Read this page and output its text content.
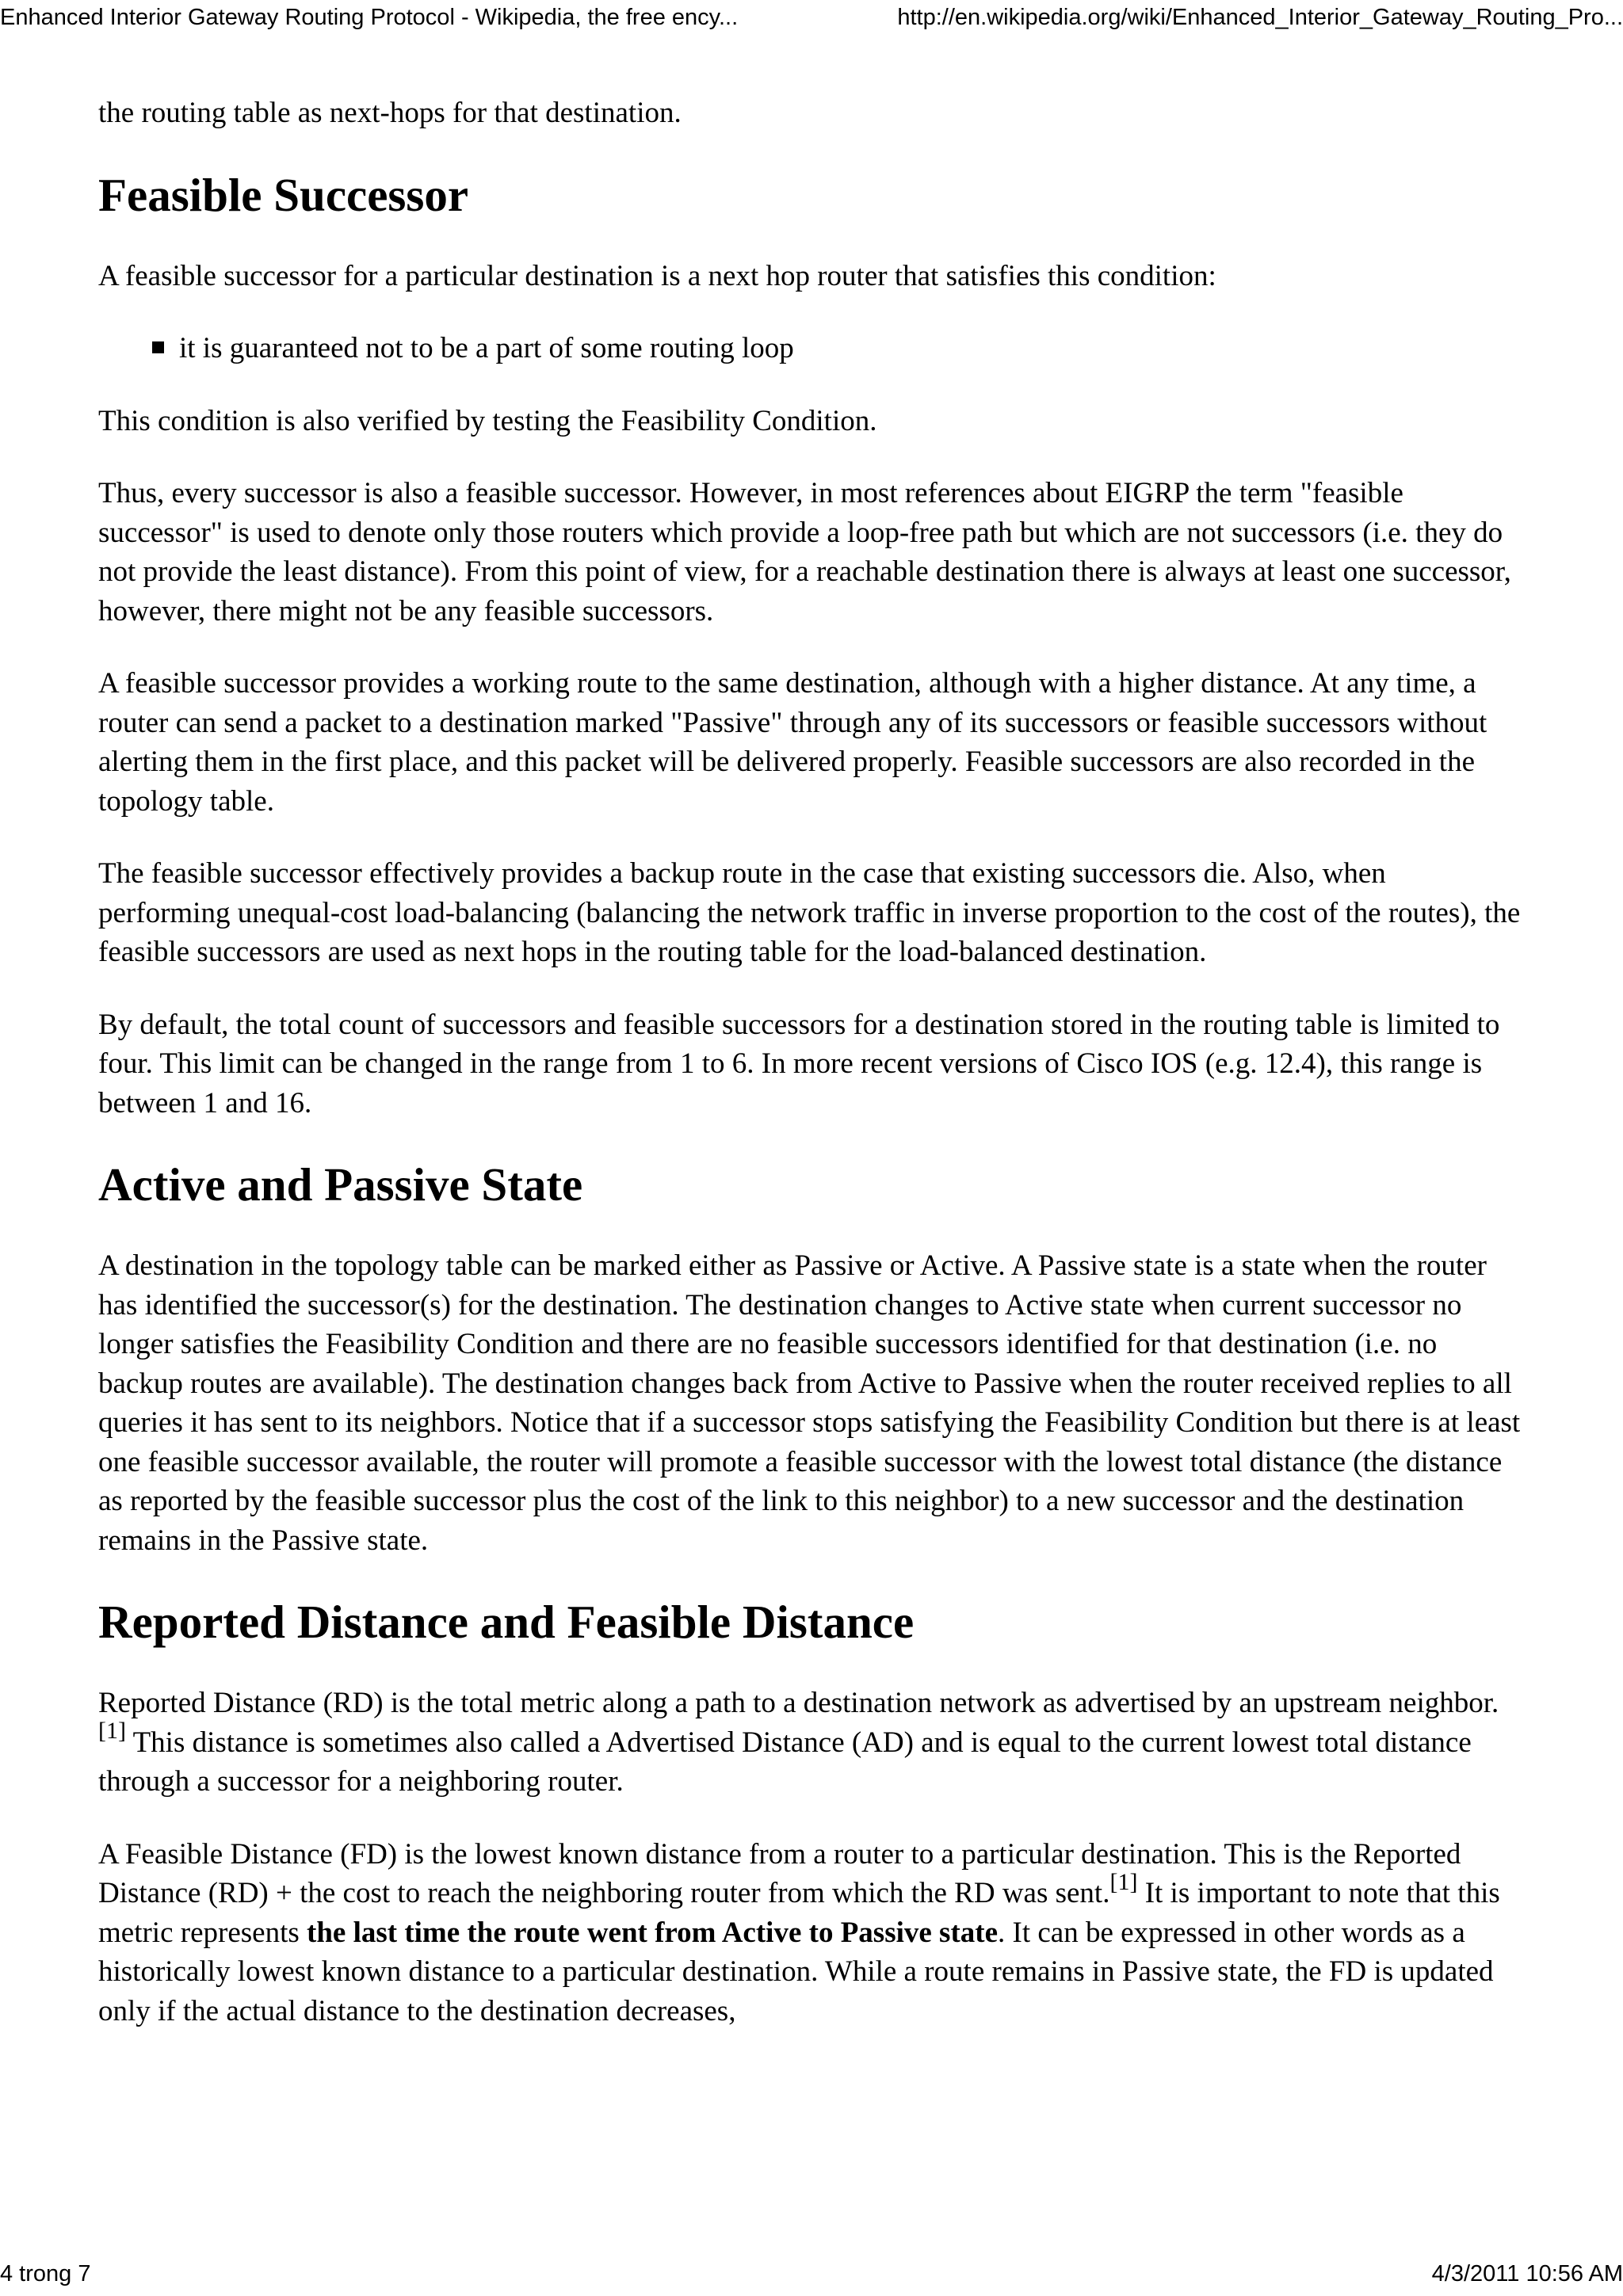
Enhanced Interior Gateway Routing Protocol - Wikipedia, the free ency...	http://en.wikipedia.org/wiki/Enhanced_Interior_Gateway_Routing_Pro...

the routing table as next-hops for that destination.

Feasible Successor

A feasible successor for a particular destination is a next hop router that satisfies this condition:

it is guaranteed not to be a part of some routing loop

This condition is also verified by testing the Feasibility Condition.

Thus, every successor is also a feasible successor. However, in most references about EIGRP the term "feasible successor" is used to denote only those routers which provide a loop-free path but which are not successors (i.e. they do not provide the least distance). From this point of view, for a reachable destination there is always at least one successor, however, there might not be any feasible successors.

A feasible successor provides a working route to the same destination, although with a higher distance. At any time, a router can send a packet to a destination marked "Passive" through any of its successors or feasible successors without alerting them in the first place, and this packet will be delivered properly. Feasible successors are also recorded in the topology table.

The feasible successor effectively provides a backup route in the case that existing successors die. Also, when performing unequal-cost load-balancing (balancing the network traffic in inverse proportion to the cost of the routes), the feasible successors are used as next hops in the routing table for the load-balanced destination.

By default, the total count of successors and feasible successors for a destination stored in the routing table is limited to four. This limit can be changed in the range from 1 to 6. In more recent versions of Cisco IOS (e.g. 12.4), this range is between 1 and 16.

Active and Passive State

A destination in the topology table can be marked either as Passive or Active. A Passive state is a state when the router has identified the successor(s) for the destination. The destination changes to Active state when current successor no longer satisfies the Feasibility Condition and there are no feasible successors identified for that destination (i.e. no backup routes are available). The destination changes back from Active to Passive when the router received replies to all queries it has sent to its neighbors. Notice that if a successor stops satisfying the Feasibility Condition but there is at least one feasible successor available, the router will promote a feasible successor with the lowest total distance (the distance as reported by the feasible successor plus the cost of the link to this neighbor) to a new successor and the destination remains in the Passive state.

Reported Distance and Feasible Distance

Reported Distance (RD) is the total metric along a path to a destination network as advertised by an upstream neighbor.[1] This distance is sometimes also called a Advertised Distance (AD) and is equal to the current lowest total distance through a successor for a neighboring router.

A Feasible Distance (FD) is the lowest known distance from a router to a particular destination. This is the Reported Distance (RD) + the cost to reach the neighboring router from which the RD was sent.[1] It is important to note that this metric represents the last time the route went from Active to Passive state. It can be expressed in other words as a historically lowest known distance to a particular destination. While a route remains in Passive state, the FD is updated only if the actual distance to the destination decreases,

4 trong 7	4/3/2011 10:56 AM
